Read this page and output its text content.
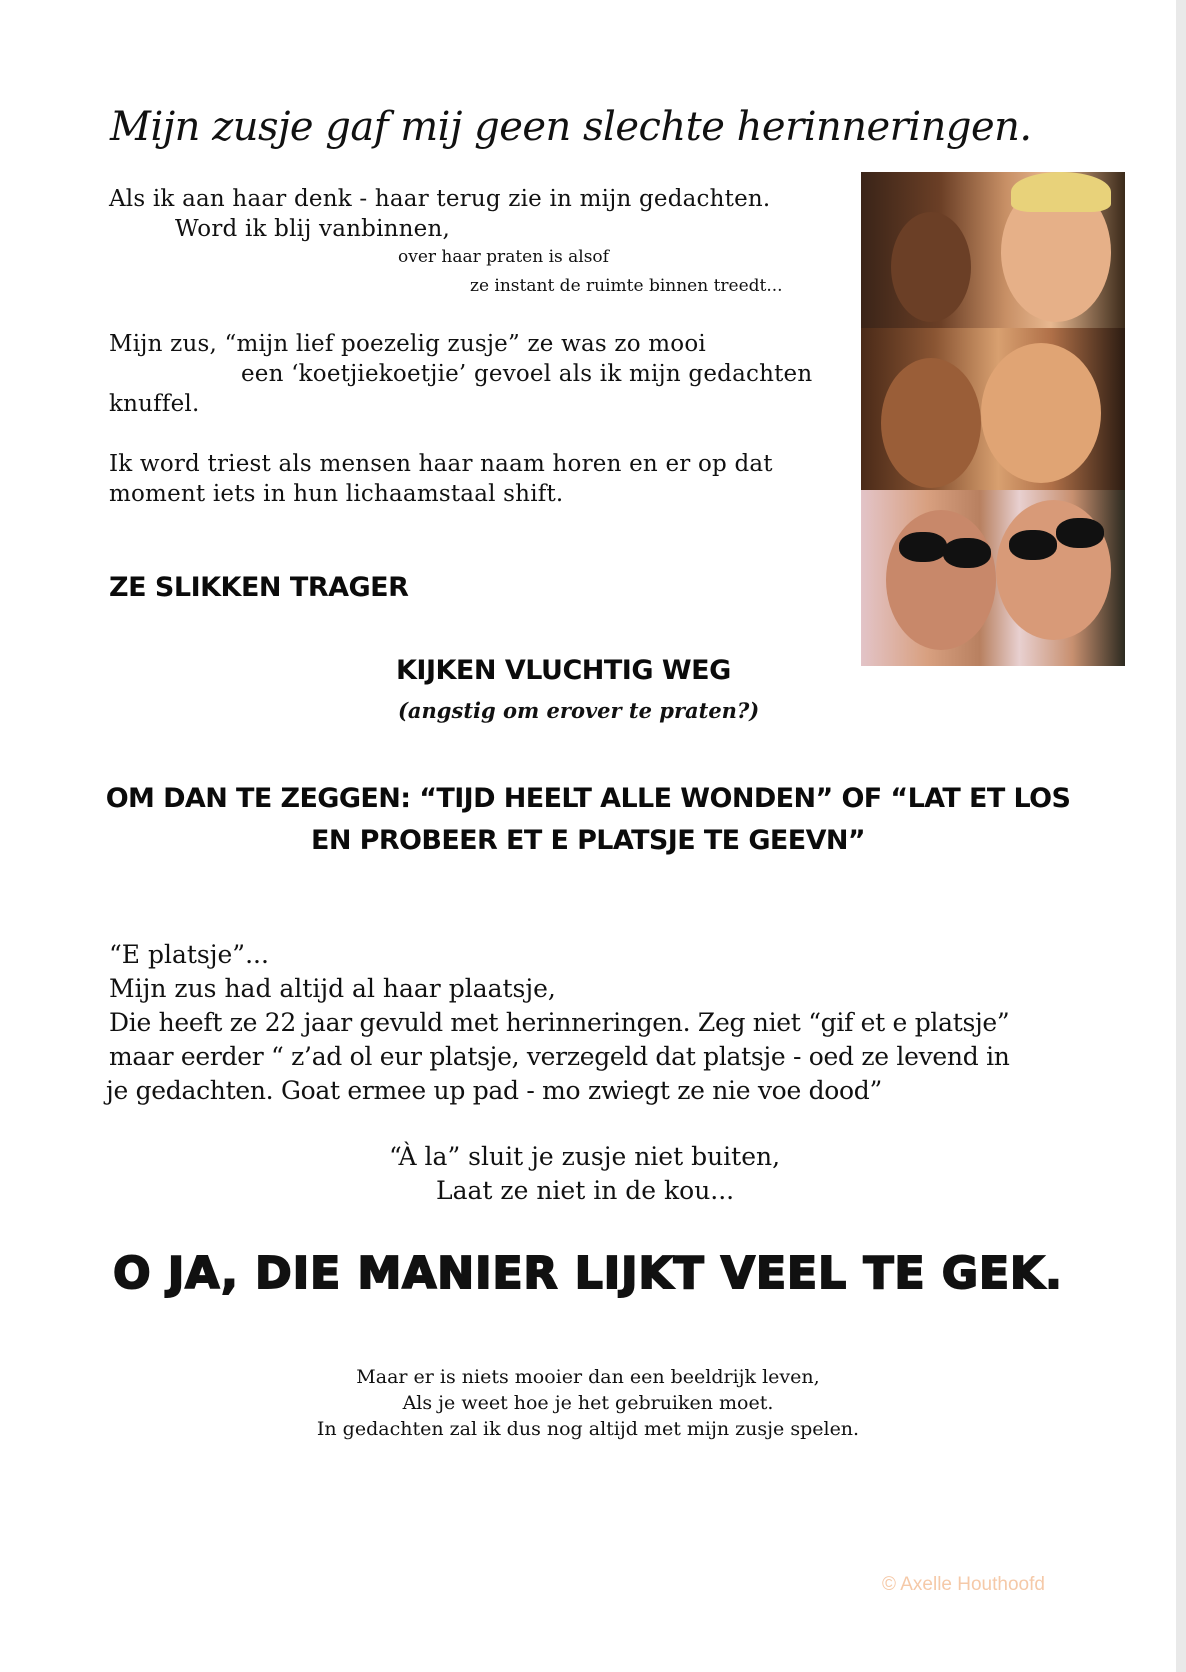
Mijn zusje gaf mij geen slechte herinneringen.
Als ik aan haar denk - haar terug zie in mijn gedachten.
Word ik blij vanbinnen,
over haar praten is alsof
ze instant de ruimte binnen treedt...
Mijn zus, “mijn lief poezelig zusje” ze was zo mooi
een ‘koetjiekoetjie’ gevoel als ik mijn gedachten
knuffel.
Ik word triest als mensen haar naam horen en er op dat
moment iets in hun lichaamstaal shift.
ZE SLIKKEN TRAGER
KIJKEN VLUCHTIG WEG
(angstig om erover te praten?)
OM DAN TE ZEGGEN: “TIJD HEELT ALLE WONDEN” OF “LAT ET LOS
EN PROBEER ET E PLATSJE TE GEEVN”
“E platsje”...
Mijn zus had altijd al haar plaatsje,
Die heeft ze 22 jaar gevuld met herinneringen. Zeg niet “gif et e platsje”
maar eerder “ z’ad ol eur platsje, verzegeld dat platsje - oed ze levend in
je gedachten. Goat ermee up pad - mo zwiegt ze nie voe dood”
“À la” sluit je zusje niet buiten,
Laat ze niet in de kou...
O JA, DIE MANIER LIJKT VEEL TE GEK.
Maar er is niets mooier dan een beeldrijk leven,
Als je weet hoe je het gebruiken moet.
In gedachten zal ik dus nog altijd met mijn zusje spelen.
© Axelle Houthoofd
